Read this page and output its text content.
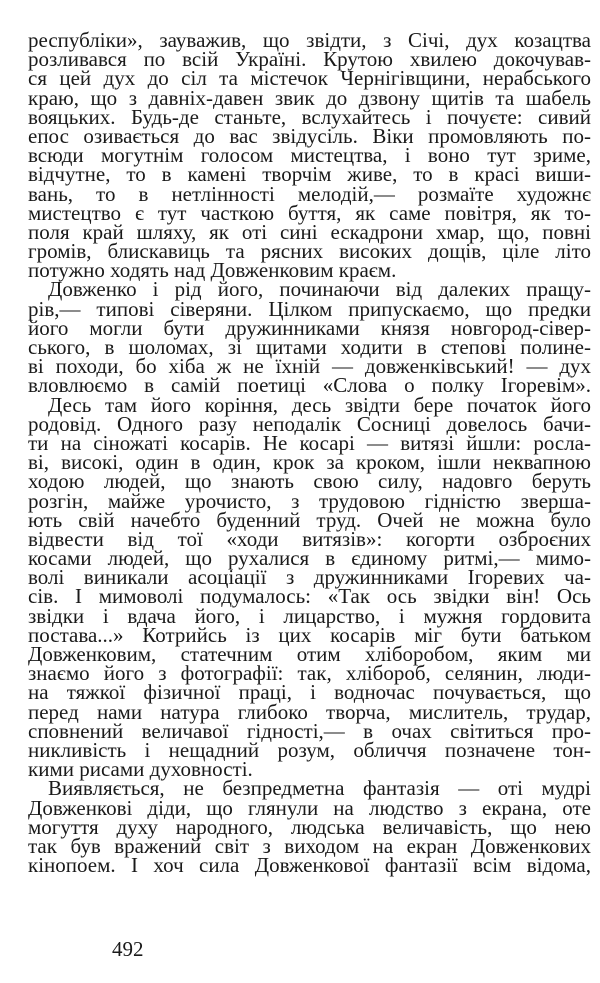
республіки», зауважив, що звідти, з Січі, дух козацтва
розливався по всій Україні. Крутою хвилею докочував-
ся цей дух до сіл та містечок Чернігівщини, нерабського
краю, що з давніх-давен звик до дзвону щитів та шабель
вояцьких. Будь-де станьте, вслухайтесь і почуєте: сивий
епос озивається до вас звідусіль. Віки промовляють по-
всюди могутнім голосом мистецтва, і воно тут зриме,
відчутне, то в камені творчім живе, то в красі виши-
вань, то в нетлінності мелодій,— розмаїте художнє
мистецтво є тут часткою буття, як саме повітря, як то-
поля край шляху, як оті сині ескадрони хмар, що, повні
громів, блискавиць та рясних високих дощів, ціле літо
потужно ходять над Довженковим краєм.
Довженко і рід його, починаючи від далеких пращу-
рів,— типові сіверяни. Цілком припускаємо, що предки
його могли бути дружинниками князя новгород-сівер-
ського, в шоломах, зі щитами ходити в степові полине-
ві походи, бо хіба ж не їхній — довженківський! — дух
вловлюємо в самій поетиці «Слова о полку Ігоревім».
Десь там його коріння, десь звідти бере початок його
родовід. Одного разу неподалік Сосниці довелось бачи-
ти на сіножаті косарів. Не косарі — витязі йшли: росла-
ві, високі, один в один, крок за кроком, ішли неквапною
ходою людей, що знають свою силу, надовго беруть
розгін, майже урочисто, з трудовою гідністю зверша-
ють свій начебто буденний труд. Очей не можна було
відвести від тої «ходи витязів»: когорти озброєних
косами людей, що рухалися в єдиному ритмі,— мимо-
волі виникали асоціації з дружинниками Ігоревих ча-
сів. І мимоволі подумалось: «Так ось звідки він! Ось
звідки і вдача його, і лицарство, і мужня гордовита
постава...» Котрийсь із цих косарів міг бути батьком
Довженковим, статечним отим хліборобом, яким ми
знаємо його з фотографії: так, хлібороб, селянин, люди-
на тяжкої фізичної праці, і водночас почувається, що
перед нами натура глибоко творча, мислитель, трудар,
сповнений величавої гідності,— в очах світиться про-
никливість і нещадний розум, обличчя позначене тон-
кими рисами духовності.
Виявляється, не безпредметна фантазія — оті мудрі
Довженкові діди, що глянули на людство з екрана, оте
могуття духу народного, людська величавість, що нею
так був вражений світ з виходом на екран Довженкових
кінопоем. І хоч сила Довженкової фантазії всім відома,
492
